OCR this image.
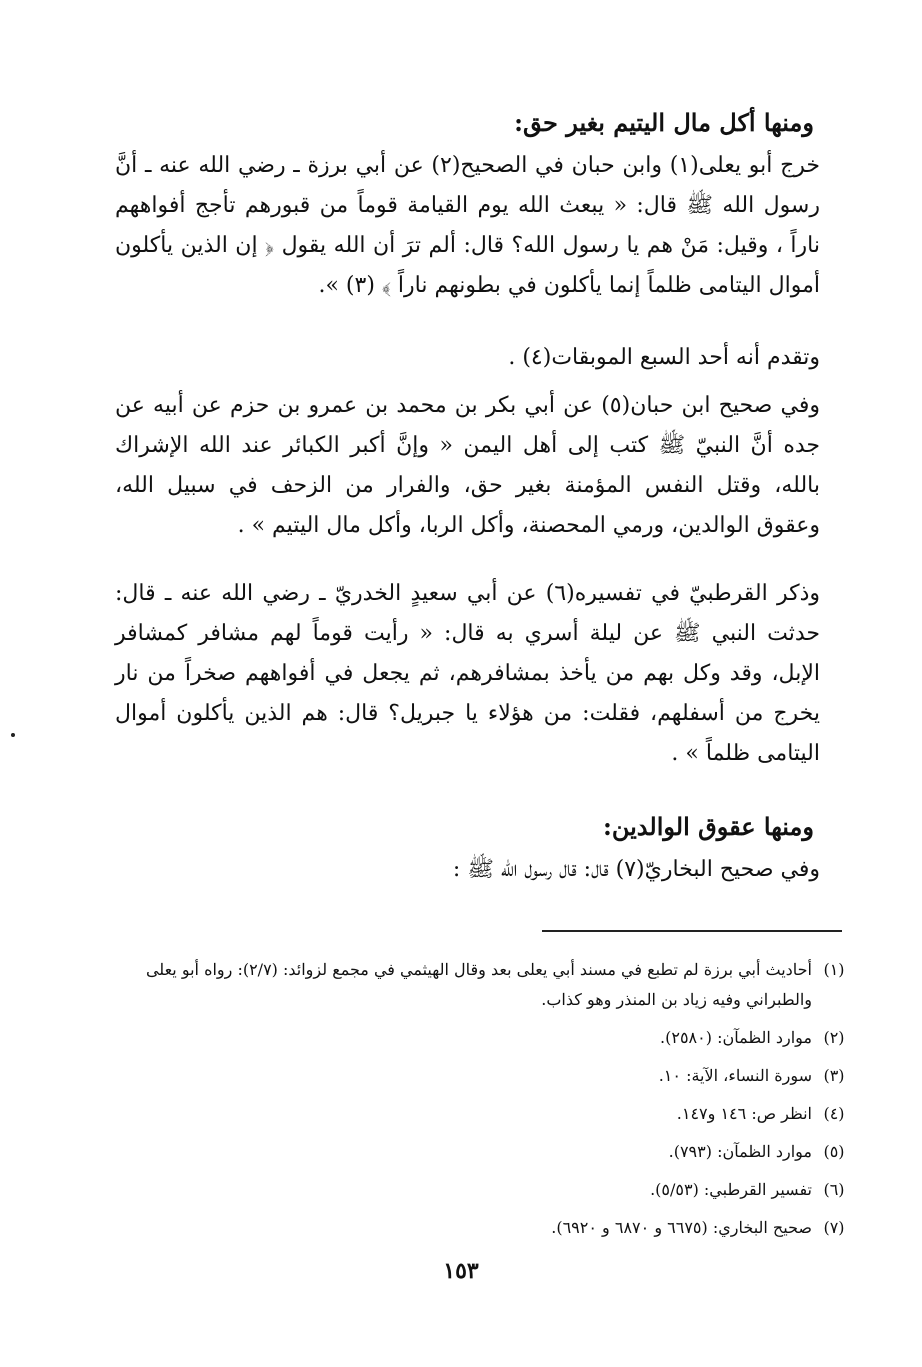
ومنها أكل مال اليتيم بغير حق:

خرج أبو يعلى(١) وابن حبان في الصحيح(٢) عن أبي برزة ـ رضي الله عنه ـ أنَّ رسول الله ﷺ قال: « يبعث الله يوم القيامة قوماً من قبورهم تأجج أفواههم ناراً ، وقيل: مَنْ هم يا رسول الله؟ قال: ألم ترَ أن الله يقول ﴿ إن الذين يأكلون أموال اليتامى ظلماً إنما يأكلون في بطونهم ناراً ﴾ (٣) ».

وتقدم أنه أحد السبع الموبقات(٤) .

وفي صحيح ابن حبان(٥) عن أبي بكر بن محمد بن عمرو بن حزم عن أبيه عن جده أنَّ النبيّ ﷺ كتب إلى أهل اليمن « وإنَّ أكبر الكبائر عند الله الإشراك بالله، وقتل النفس المؤمنة بغير حق، والفرار من الزحف في سبيل الله، وعقوق الوالدين، ورمي المحصنة، وأكل الربا، وأكل مال اليتيم » .

وذكر القرطبيّ في تفسيره(٦) عن أبي سعيدٍ الخدريّ ـ رضي الله عنه ـ قال: حدثت النبي ﷺ عن ليلة أسري به قال: « رأيت قوماً لهم مشافر كمشافر الإبل، وقد وكل بهم من يأخذ بمشافرهم، ثم يجعل في أفواههم صخراً من نار يخرج من أسفلهم، فقلت: من هؤلاء يا جبريل؟ قال: هم الذين يأكلون أموال اليتامى ظلماً » .

ومنها عقوق الوالدين:

وفي صحيح البخاريّ(٧) قال: قال رسول الله ﷺ :

(١)
أحاديث أبي برزة لم تطبع في مسند أبي يعلى بعد وقال الهيثمي في مجمع لزوائد: (٢/٧): رواه أبو يعلى والطبراني وفيه زياد بن المنذر وهو كذاب.
(٢)
موارد الظمآن: (٢٥٨٠).
(٣)
سورة النساء، الآية: ١٠.
(٤)
انظر ص: ١٤٦ و١٤٧.
(٥)
موارد الظمآن: (٧٩٣).
(٦)
تفسير القرطبي: (٥/٥٣).
(٧)
صحيح البخاري: (٦٦٧٥ و ٦٨٧٠ و ٦٩٢٠).
١٥٣
